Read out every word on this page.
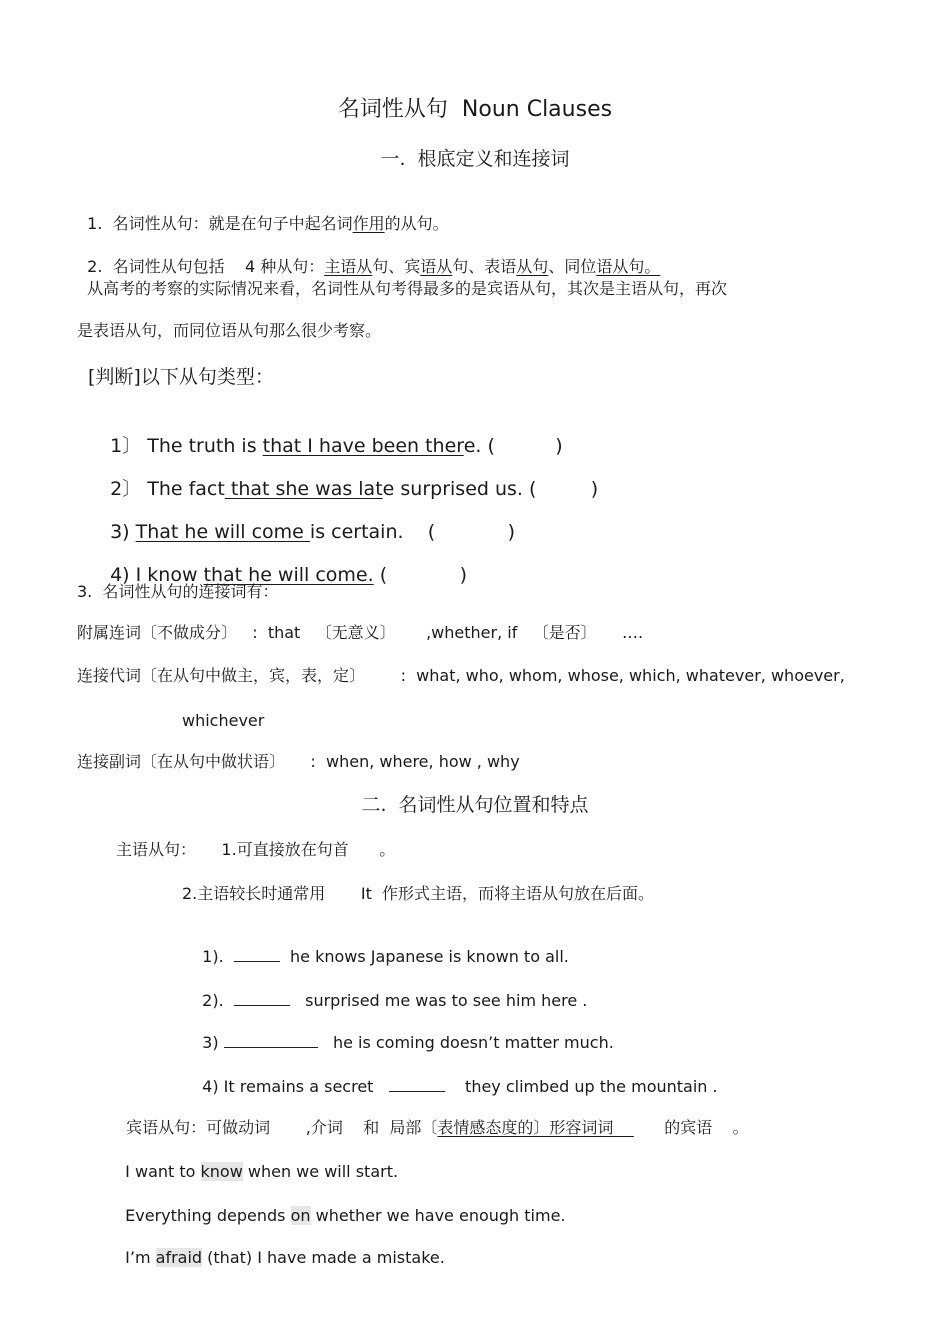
名词性从句  Noun Clauses
一.  根底定义和连接词

1.  名词性从句：就是在句子中起名词作用的从句。

2.  名词性从句包括    4 种从句：主语从句、宾语从句、表语从句、同位语从句。

从高考的考察的实际情况来看，名词性从句考得最多的是宾语从句，其次是主语从句，再次
是表语从句，而同位语从句那么很少考察。
[判断]以下从句类型：

1〕 The truth is that I have been there. (          )

2〕 The fact that she was late surprised us. (         )

3) That he will come is certain.    (            )

4) I know that he will come. (            )

3.  名词性从句的连接词有：
附属连词〔不做成分〕   :  that   〔无意义〕      ,whether, if   〔是否〕     ….
连接代词〔在从句中做主，宾，表，定〕       :  what, who, whom, whose, which, whatever, whoever,
whichever
连接副词〔在从句中做状语〕     :  when, where, how , why
二.  名词性从句位置和特点
主语从句：     1.可直接放在句首      。
2.主语较长时通常用       It  作形式主语，而将主语从句放在后面。

1).	he knows Japanese is known to all.

2).	surprised me was to see him here .

3)	he is coming doesn’t matter much.

4) It remains a secret	they climbed up the mountain .

宾语从句：可做动词       ,介词    和  局部〔表情感态度的〕形容词词          的宾语    。

I want to know when we will start.

Everything depends on whether we have enough time.

I’m afraid (that) I have made a mistake.
